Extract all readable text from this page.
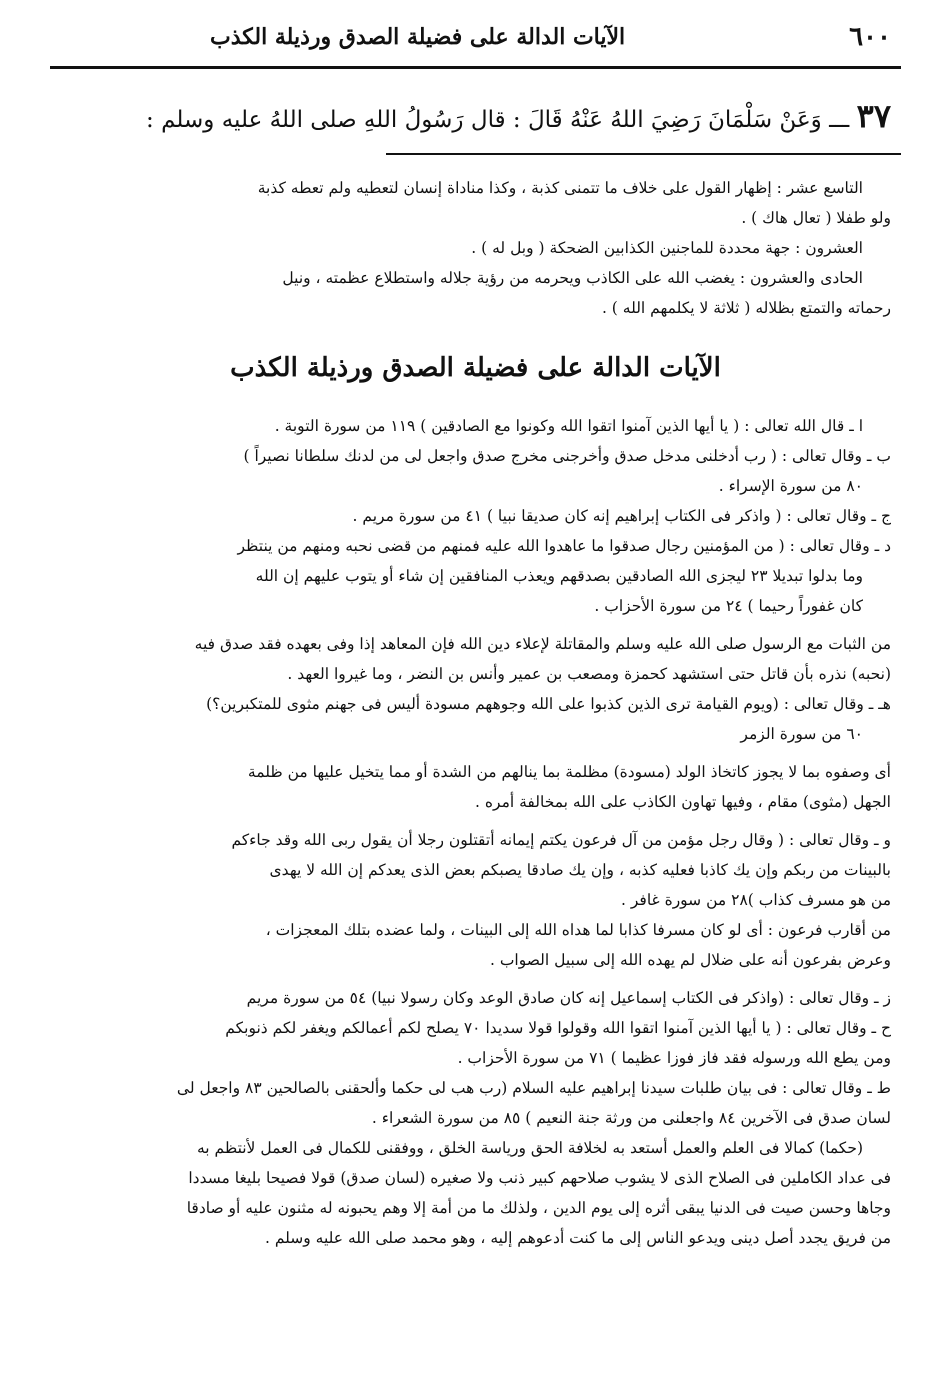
٦٠٠
الآيات الدالة على فضيلة الصدق ورذيلة الكذب
٣٧ ـــ وَعَنْ سَلْمَانَ رَضِيَ اللهُ عَنْهُ قَالَ : قال رَسُولُ اللهِ صلى اللهُ عليه وسلم :

التاسع عشر : إظهار القول على خلاف ما تتمنى كذبة ، وكذا مناداة إنسان لتعطيه ولم تعطه كذبة

ولو طفلا ( تعال هاك ) .

العشرون : جهة محددة للماجنين الكذابين الضحكة ( وبل له ) .

الحادى والعشرون : يغضب الله على الكاذب ويحرمه من رؤية جلاله واستطلاع عظمته ، ونيل

رحماته والتمتع بظلاله ( ثلاثة لا يكلمهم الله ) .

الآيات الدالة على فضيلة الصدق ورذيلة الكذب

ا ـ قال الله تعالى : ( يا أيها الذين آمنوا اتقوا الله وكونوا مع الصادقين ) ١١٩ من سورة التوبة .

ب ـ وقال تعالى : ( رب أدخلنى مدخل صدق وأخرجنى مخرج صدق واجعل لى من لدنك سلطانا نصيراً )

٨٠ من سورة الإسراء .

ج ـ وقال تعالى : ( واذكر فى الكتاب إبراهيم إنه كان صديقا نبيا ) ٤١ من سورة مريم .

د ـ وقال تعالى : ( من المؤمنين رجال صدقوا ما عاهدوا الله عليه فمنهم من قضى نحبه ومنهم من ينتظر

وما بدلوا تبديلا ٢٣ ليجزى الله الصادقين بصدقهم ويعذب المنافقين إن شاء أو يتوب عليهم إن الله

كان غفوراً رحيما ) ٢٤ من سورة الأحزاب .

من الثبات مع الرسول صلى الله عليه وسلم والمقاتلة لإعلاء دين الله فإن المعاهد إذا وفى بعهده فقد صدق فيه

(نحبه) نذره بأن قاتل حتى استشهد كحمزة ومصعب بن عمير وأنس بن النضر ، وما غيروا العهد .

هـ ـ وقال تعالى : (ويوم القيامة ترى الذين كذبوا على الله وجوههم مسودة أليس فى جهنم مثوى للمتكبرين؟)

٦٠ من سورة الزمر

أى وصفوه بما لا يجوز كاتخاذ الولد (مسودة) مظلمة بما ينالهم من الشدة أو مما يتخيل عليها من ظلمة

الجهل (مثوى) مقام ، وفيها تهاون الكاذب على الله بمخالفة أمره .

و ـ وقال تعالى : ( وقال رجل مؤمن من آل فرعون يكتم إيمانه أتقتلون رجلا أن يقول ربى الله وقد جاءكم

بالبينات من ربكم وإن يك كاذبا فعليه كذبه ، وإن يك صادقا يصبكم بعض الذى يعدكم إن الله لا يهدى

من هو مسرف كذاب )٢٨ من سورة غافر .

من أقارب فرعون : أى لو كان مسرفا كذابا لما هداه الله إلى البينات ، ولما عضده بتلك المعجزات ،

وعرض بفرعون أنه على ضلال لم يهده الله إلى سبيل الصواب .

ز ـ وقال تعالى : (واذكر فى الكتاب إسماعيل إنه كان صادق الوعد وكان رسولا نبيا) ٥٤ من سورة مريم

ح ـ وقال تعالى : ( يا أيها الذين آمنوا اتقوا الله وقولوا قولا سديدا ٧٠ يصلح لكم أعمالكم ويغفر لكم ذنوبكم

ومن يطع الله ورسوله فقد فاز فوزا عظيما ) ٧١ من سورة الأحزاب .

ط ـ وقال تعالى : فى بيان طلبات سيدنا إبراهيم عليه السلام (رب هب لى حكما وألحقنى بالصالحين ٨٣ واجعل لى

لسان صدق فى الآخرين ٨٤ واجعلنى من ورثة جنة النعيم ) ٨٥ من سورة الشعراء .

(حكما) كمالا فى العلم والعمل أستعد به لخلافة الحق ورياسة الخلق ، ووفقنى للكمال فى العمل لأنتظم به

فى عداد الكاملين فى الصلاح الذى لا يشوب صلاحهم كبير ذنب ولا صغيره (لسان صدق) قولا فصيحا بليغا مسددا

وجاها وحسن صيت فى الدنيا يبقى أثره إلى يوم الدين ، ولذلك ما من أمة إلا وهم يحبونه له مثنون عليه أو صادقا

من فريق يجدد أصل دينى ويدعو الناس إلى ما كنت أدعوهم إليه ، وهو محمد صلى الله عليه وسلم .
